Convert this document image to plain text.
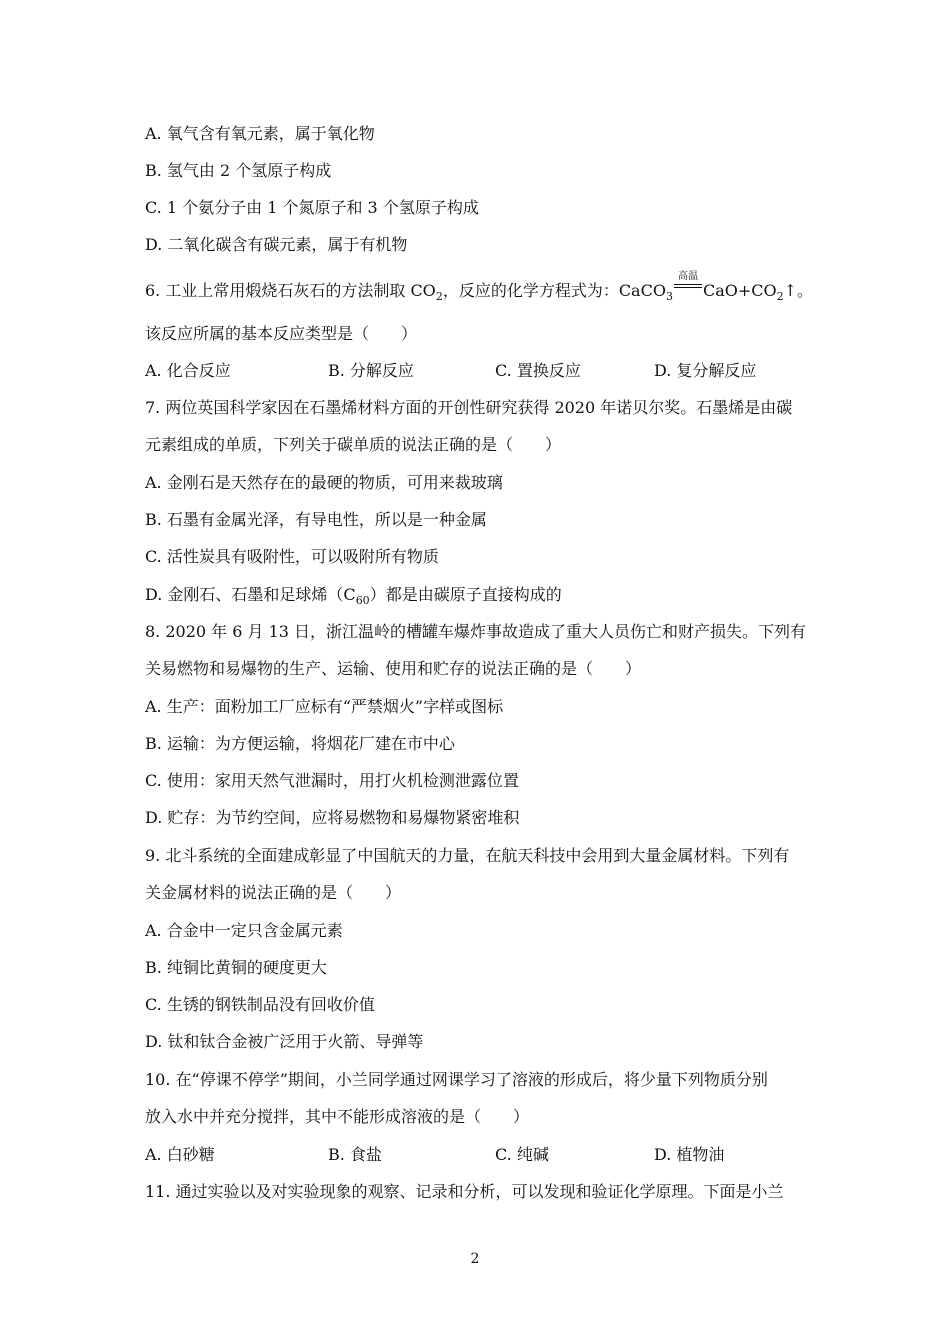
A. 氧气含有氧元素，属于氧化物
B. 氢气由 2 个氢原子构成
C. 1 个氨分子由 1 个氮原子和 3 个氢原子构成
D. 二氧化碳含有碳元素，属于有机物
6. 工业上常用煅烧石灰石的方法制取 $CO_2$，反应的化学方程式为：CaCO$_3$
高温
$CaO+CO_2↑$。
该反应所属的基本反应类型是（　　）
A. 化合反应	B. 分解反应	C. 置换反应	D. 复分解反应
7. 两位英国科学家因在石墨烯材料方面的开创性研究获得 2020 年诺贝尔奖。石墨烯是由碳
元素组成的单质，下列关于碳单质的说法正确的是（　　）
A. 金刚石是天然存在的最硬的物质，可用来裁玻璃
B. 石墨有金属光泽，有导电性，所以是一种金属
C. 活性炭具有吸附性，可以吸附所有物质
D. 金刚石、石墨和足球烯$(C_{60})$都是由碳原子直接构成的
8. 2020 年 6 月 13 日，浙江温岭的槽罐车爆炸事故造成了重大人员伤亡和财产损失。下列有
关易燃物和易爆物的生产、运输、使用和贮存的说法正确的是（　　）
A. 生产：面粉加工厂应标有“严禁烟火”字样或图标
B. 运输：为方便运输，将烟花厂建在市中心
C. 使用：家用天然气泄漏时，用打火机检测泄露位置
D. 贮存：为节约空间，应将易燃物和易爆物紧密堆积
9. 北斗系统的全面建成彰显了中国航天的力量，在航天科技中会用到大量金属材料。下列有
关金属材料的说法正确的是（　　）
A. 合金中一定只含金属元素
B. 纯铜比黄铜的硬度更大
C. 生锈的钢铁制品没有回收价值
D. 钛和钛合金被广泛用于火箭、导弹等
10. 在“停课不停学”期间，小兰同学通过网课学习了溶液的形成后，将少量下列物质分别
放入水中并充分搅拌，其中不能形成溶液的是（　　）
A. 白砂糖	B. 食盐	C. 纯碱	D. 植物油
11. 通过实验以及对实验现象的观察、记录和分析，可以发现和验证化学原理。下面是小兰
2
